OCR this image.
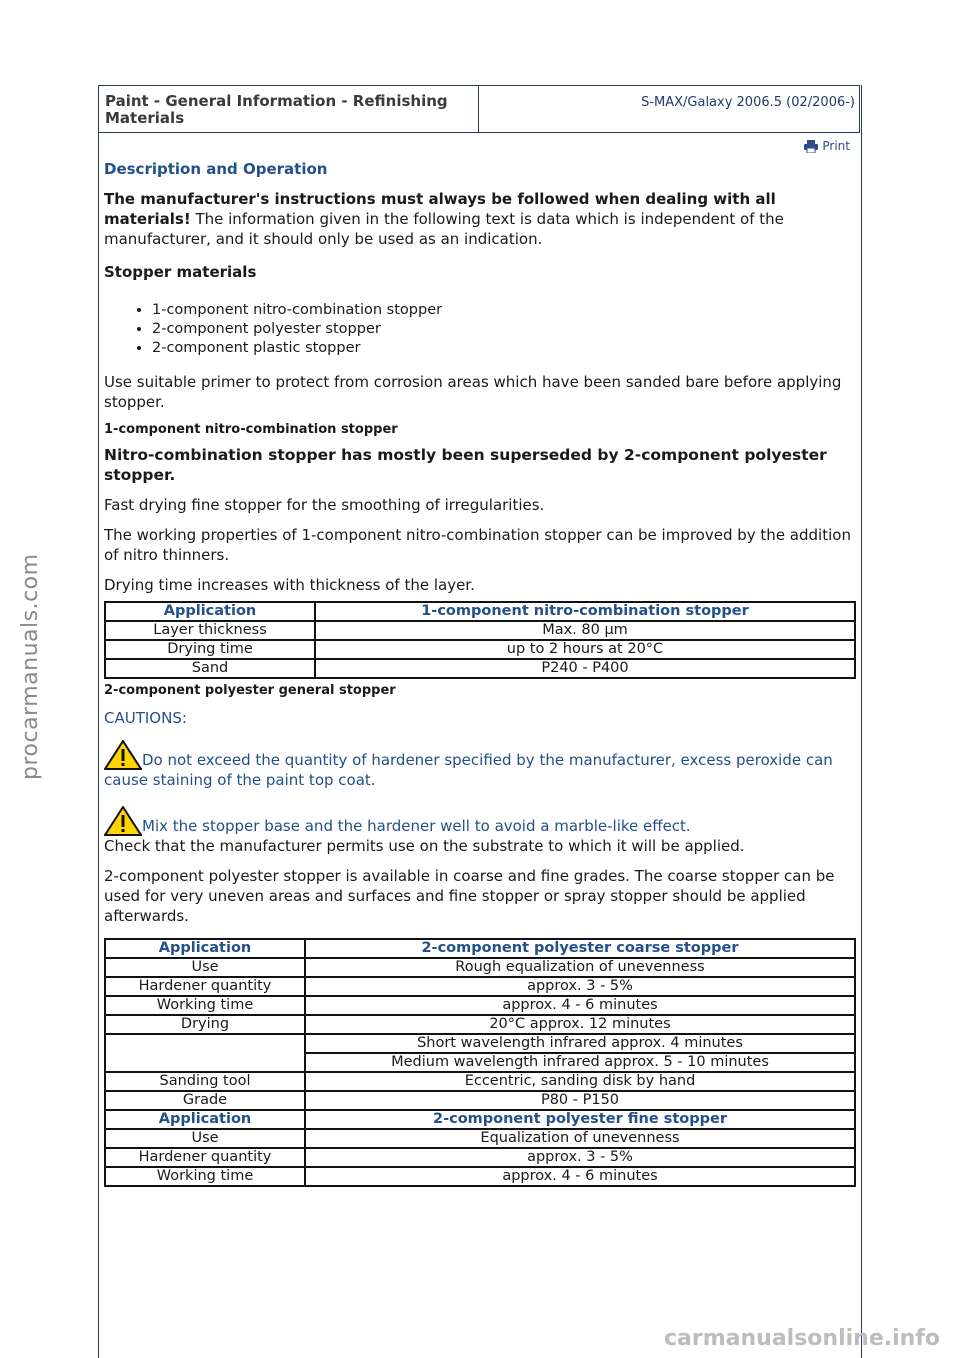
Paint - General Information - Refinishing Materials
S-MAX/Galaxy 2006.5 (02/2006-)
Print
Description and Operation

The manufacturer's instructions must always be followed when dealing with all materials! The information given in the following text is data which is independent of the manufacturer, and it should only be used as an indication.

Stopper materials
• 1-component nitro-combination stopper
• 2-component polyester stopper
• 2-component plastic stopper

Use suitable primer to protect from corrosion areas which have been sanded bare before applying stopper.

1-component nitro-combination stopper

Nitro-combination stopper has mostly been superseded by 2-component polyester stopper.

Fast drying fine stopper for the smoothing of irregularities.

The working properties of 1-component nitro-combination stopper can be improved by the addition of nitro thinners.

Drying time increases with thickness of the layer.

Application	1-component nitro-combination stopper
Layer thickness	Max. 80 µm
Drying time	up to 2 hours at 20°C
Sand	P240 - P400
2-component polyester general stopper
CAUTIONS:
Do not exceed the quantity of hardener specified by the manufacturer, excess peroxide can cause staining of the paint top coat.
Mix the stopper base and the hardener well to avoid a marble-like effect.

Check that the manufacturer permits use on the substrate to which it will be applied.

2-component polyester stopper is available in coarse and fine grades. The coarse stopper can be used for very uneven areas and surfaces and fine stopper or spray stopper should be applied afterwards.

Application	2-component polyester coarse stopper
Use	Rough equalization of unevenness
Hardener quantity	approx. 3 - 5%
Working time	approx. 4 - 6 minutes
Drying	20°C approx. 12 minutes
	Short wavelength infrared approx. 4 minutes
	Medium wavelength infrared approx. 5 - 10 minutes
Sanding tool	Eccentric, sanding disk by hand
Grade	P80 - P150
Application	2-component polyester fine stopper
Use	Equalization of unevenness
Hardener quantity	approx. 3 - 5%
Working time	approx. 4 - 6 minutes
procarmanuals.com
carmanualsonline.info
